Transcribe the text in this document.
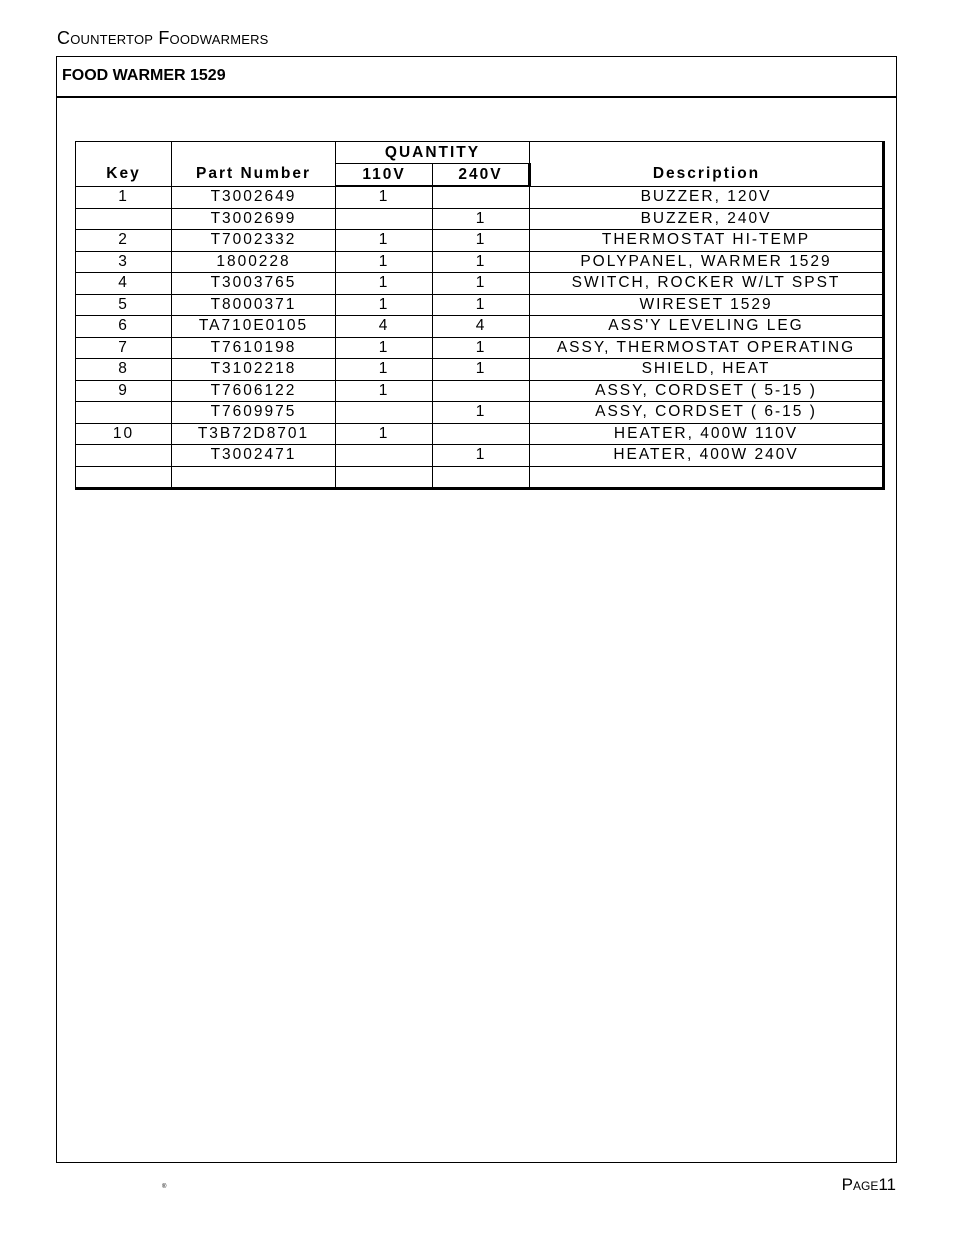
Countertop Foodwarmers
FOOD WARMER 1529
Key	Part Number	QUANTITY		Description
		110V	240V	
1	T3002649	1		BUZZER, 120V
	T3002699		1	BUZZER, 240V
2	T7002332	1	1	THERMOSTAT HI-TEMP
3	1800228	1	1	POLYPANEL, WARMER 1529
4	T3003765	1	1	SWITCH, ROCKER W/LT SPST
5	T8000371	1	1	WIRESET 1529
6	TA710E0105	4	4	ASS'Y LEVELING LEG
7	T7610198	1	1	ASSY, THERMOSTAT OPERATING
8	T3102218	1	1	SHIELD, HEAT
9	T7606122	1		ASSY, CORDSET ( 5-15 )
	T7609975		1	ASSY, CORDSET ( 6-15 )
10	T3B72D8701	1		HEATER, 400W 110V
	T3002471		1	HEATER, 400W 240V

®	Page11
